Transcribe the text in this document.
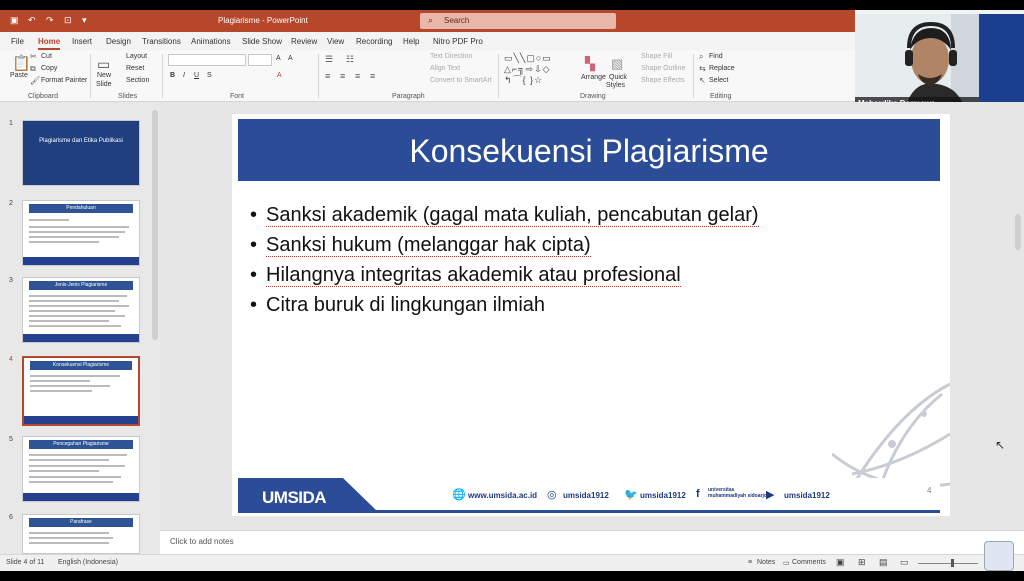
▣ ↶ ↷ ⊡ ▾	Plagiarisme - PowerPoint	⌕ Search
File Home Insert Design Transitions Animations Slide Show Review View Recording Help Nitro PDF Pro
📋
Paste
✂ Cut
⧉ Copy
🖌 Format Painter
Clipboard
▭
New
Slide
Layout
Reset
Section
Slides
A A
B I U S	A
Font
☰ ☷
≡ ≡ ≡ ≡
Text Direction
Align Text
Convert to SmartArt
Paragraph
▭╲╲▢○▭
△⌐╗⇨⇩◇
↰⌒{ }☆
▚
Arrange
▧
Quick
Styles
Shape Fill
Shape Outline
Shape Effects
Drawing
⌕ Find
⇆ Replace
↖ Select
Editing
1
Plagiarisme dan Etika Publikasi
2
Pendahuluan
3
Jenis-Jenis Plagiarisme
4
Konsekuensi Plagiarisme
5
Pencegahan Plagiarisme
6
Parafrase
Konsekuensi Plagiarisme
• Sanksi akademik (gagal mata kuliah, pencabutan gelar)
• Sanksi hukum (melanggar hak cipta)
• Hilangnya integritas akademik atau profesional
• Citra buruk di lingkungan ilmiah
UMSIDA	🌐 www.umsida.ac.id ◎ umsida1912 🐦 umsida1912 f universitas muhammadiyah sidoarjo ▶ umsida1912
4
Click to add notes
Slide 4 of 11 English (Indonesia)	≡ Notes ▭ Comments ▣ ⊞ ▤ ▭
↖
